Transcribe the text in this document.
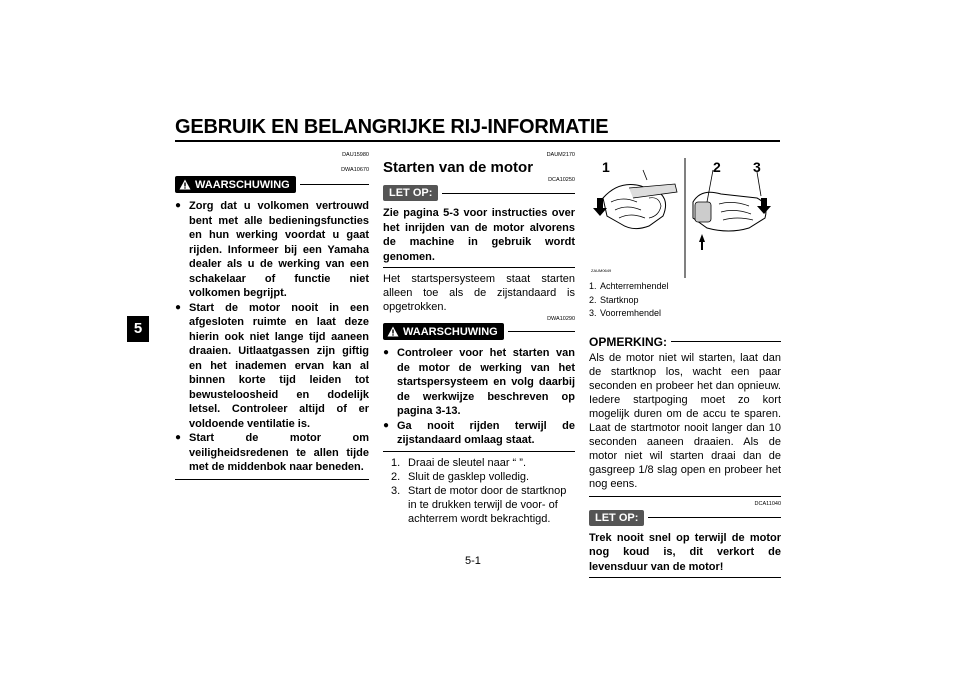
GEBRUIK EN BELANGRIJKE RIJ-INFORMATIE
5
DAU15980
DWA10670
WAARSCHUWING
● Zorg dat u volkomen vertrouwd bent met alle bedieningsfuncties en hun werking voordat u gaat rijden. Informeer bij een Yamaha dealer als u de werking van een schakelaar of functie niet volkomen begrijpt.
● Start de motor nooit in een afgesloten ruimte en laat deze hierin ook niet lange tijd aaneen draaien. Uitlaatgassen zijn giftig en het inademen ervan kan al binnen korte tijd leiden tot bewusteloosheid en dodelijk letsel. Controleer altijd of er voldoende ventilatie is.
● Start de motor om veiligheidsredenen te allen tijde met de middenbok naar beneden.
DAUM2170
Starten van de motor
DCA10250
LET OP:
Zie pagina 5-3 voor instructies over het inrijden van de motor alvorens de machine in gebruik wordt genomen.
Het startspersysteem staat starten alleen toe als de zijstandaard is opgetrokken.
DWA10290
WAARSCHUWING
● Controleer voor het starten van de motor de werking van het startspersysteem en volg daarbij de werkwijze beschreven op pagina 3-13.
● Ga nooit rijden terwijl de zijstandaard omlaag staat.
1. Draai de sleutel naar “ ”.
2. Sluit de gasklep volledig.
3. Start de motor door de startknop in te drukken terwijl de voor- of achterrem wordt bekrachtigd.
1	2 3
ZAUM0649
1. Achterremhendel
2. Startknop
3. Voorremhendel
OPMERKING:
Als de motor niet wil starten, laat dan de startknop los, wacht een paar seconden en probeer het dan opnieuw. Iedere startpoging moet zo kort mogelijk duren om de accu te sparen. Laat de startmotor nooit langer dan 10 seconden aaneen draaien. Als de motor niet wil starten draai dan de gasgreep 1/8 slag open en probeer het nog eens.
DCA11040
LET OP:
Trek nooit snel op terwijl de motor nog koud is, dit verkort de levensduur van de motor!
5-1
